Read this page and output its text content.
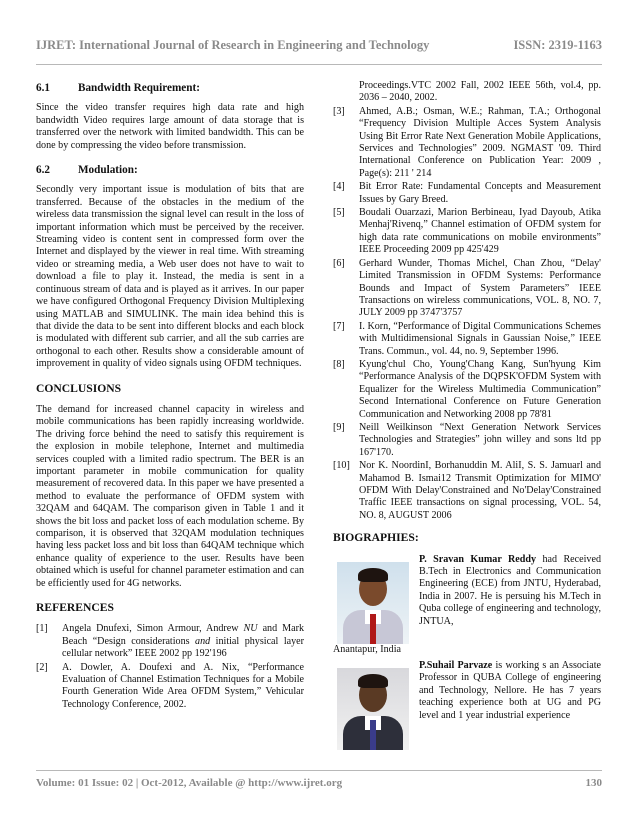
IJRET: International Journal of Research in Engineering and Technology	ISSN: 2319-1163
6.1	Bandwidth Requirement:

Since the video transfer requires high data rate and high bandwidth Video requires large amount of data storage that is transferred over the network with limited bandwidth. This can be done by compressing the video before transmission.

6.2	Modulation:

Secondly very important issue is modulation of bits that are transferred. Because of the obstacles in the medium of the wireless data transmission the signal level can result in the loss of important information which must be perceived by the receiver. Streaming video is content sent in compressed form over the Internet and displayed by the viewer in real time. With streaming video or streaming media, a Web user does not have to wait to download a file to play it. Instead, the media is sent in a continuous stream of data and is played as it arrives. In our paper we have configured Orthogonal Frequency Division Multiplexing using MATLAB and SIMULINK. The main idea behind this is that divide the data to be sent into different blocks and each block is modulated with different sub carrier, and all the sub carries are orthogonal to each other. Results show a considerable amount of improvement in quality of video signals using OFDM techniques.

CONCLUSIONS

The demand for increased channel capacity in wireless and mobile communications has been rapidly increasing worldwide. The driving force behind the need to satisfy this requirement is the explosion in mobile telephone, Internet and multimedia services coupled with a limited radio spectrum. The BER is an important parameter in mobile communication for quality measurement of recovered data. In this paper we have presented a method to evaluate the performance of OFDM system with 32QAM and 64QAM. The comparison given in Table 1 and it shows the bit loss and packet loss of each modulation scheme. By comparison, it is observed that 32QAM modulation techniques having less packet loss and bit loss than 64QAM technique which enhance quality of experience to the user. Results have been obtained which is useful for channel parameter estimation and can be efficiently used for 4G networks.

REFERENCES
[1]	Angela Dnufexi, Simon Armour, Andrew NU and Mark Beach “Design considerations and initial physical layer cellular network” IEEE 2002 pp 192'196
[2]	A. Dowler, A. Doufexi and A. Nix, “Performance Evaluation of Channel Estimation Techniques for a Mobile Fourth Generation Wide Area OFDM System,” Vehicular Technology Conference, 2002.
Proceedings.VTC 2002 Fall, 2002 IEEE 56th, vol.4, pp. 2036 – 2040, 2002.
[3]	Ahmed, A.B.; Osman, W.E.; Rahman, T.A.; Orthogonal “Frequency Division Multiple Acces System Analysis Using Bit Error Rate Next Generation Mobile Applications, Services and Technologies” 2009. NGMAST '09. Third International Conference on Publication Year: 2009 , Page(s): 211 ' 214
[4]	Bit Error Rate: Fundamental Concepts and Measurement Issues by Gary Breed.
[5]	Boudali Ouarzazi, Marion Berbineau, Iyad Dayoub, Atika Menhaj'Rivenq,” Channel estimation of OFDM system for high data rate communications on mobile environments” IEEE Proceeding 2009 pp 425'429
[6]	Gerhard Wunder, Thomas Michel, Chan Zhou, “Delay' Limited Transmission in OFDM Systems: Performance Bounds and Impact of System Parameters” IEEE Transactions on wireless communications, VOL. 8, NO. 7, JULY 2009 pp 3747'3757
[7]	I. Korn, “Performance of Digital Communications Schemes with Multidimensional Signals in Gaussian Noise,” IEEE Trans. Commun., vol. 44, no. 9, September 1996.
[8]	Kyung'chul Cho, Young'Chang Kang, Sun'hyung Kim “Performance Analysis of the DQPSK'OFDM System with Equalizer for the Wireless Multimedia Communication” Second International Conference on Future Generation Communication and Networking 2008 pp 78'81
[9]	Neill Weilkinson “Next Generation Network Services Technologies and Strategies” john willey and sons ltd pp 167'170.
[10] Nor K. NoordinI, Borhanuddin M. AliI, S. S. Jamuarl and Mahamod B. Ismai12 Transmit Optimization for MIMO' OFDM With Delay'Constrained and No'Delay'Constrained Traffic IEEE transactions on signal processing, VOL. 54, NO. 8, AUGUST 2006
BIOGRAPHIES:
P. Sravan Kumar Reddy had Received B.Tech in Electronics and Communication Engineering (ECE) from JNTU, Hyderabad, India in 2007. He is persuing his M.Tech in Quba college of engineering and technology, JNTUA,

Anantapur, India

P.Suhail Parvaze is working s an Associate Professor in QUBA College of engineering and Technology, Nellore. He has 7 years teaching experience both at UG and PG level and 1 year industrial experience
Volume: 01 Issue: 02 | Oct-2012, Available @ http://www.ijret.org	130
